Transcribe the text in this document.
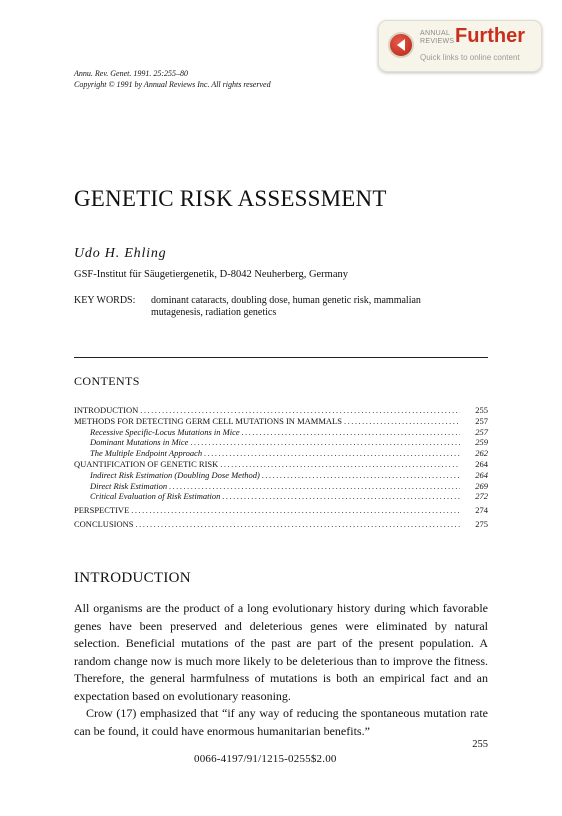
ANNUAL REVIEWS Further
Quick links to online content
Annu. Rev. Genet. 1991. 25:255–80
Copyright © 1991 by Annual Reviews Inc. All rights reserved
GENETIC RISK ASSESSMENT
Udo H. Ehling
GSF-Institut für Säugetiergenetik, D-8042 Neuherberg, Germany
KEY WORDS: dominant cataracts, doubling dose, human genetic risk, mammalian mutagenesis, radiation genetics
CONTENTS
INTRODUCTION .....	255
METHODS FOR DETECTING GERM CELL MUTATIONS IN MAMMALS .....	257
Recessive Specific-Locus Mutations in Mice .....	257
Dominant Mutations in Mice .....	259
The Multiple Endpoint Approach .....	262
QUANTIFICATION OF GENETIC RISK .....	264
Indirect Risk Estimation (Doubling Dose Method) .....	264
Direct Risk Estimation .....	269
Critical Evaluation of Risk Estimation .....	272
PERSPECTIVE .....	274
CONCLUSIONS .....	275
INTRODUCTION

All organisms are the product of a long evolutionary history during which favorable genes have been preserved and deleterious genes were eliminated by natural selection. Beneficial mutations of the past are part of the present population. A random change now is much more likely to be deleterious than to improve the fitness. Therefore, the general harmfulness of mutations is both an empirical fact and an expectation based on evolutionary reasoning.

Crow (17) emphasized that “if any way of reducing the spontaneous mutation rate can be found, it could have enormous humanitarian benefits.”

255
0066-4197/91/1215-0255$2.00
